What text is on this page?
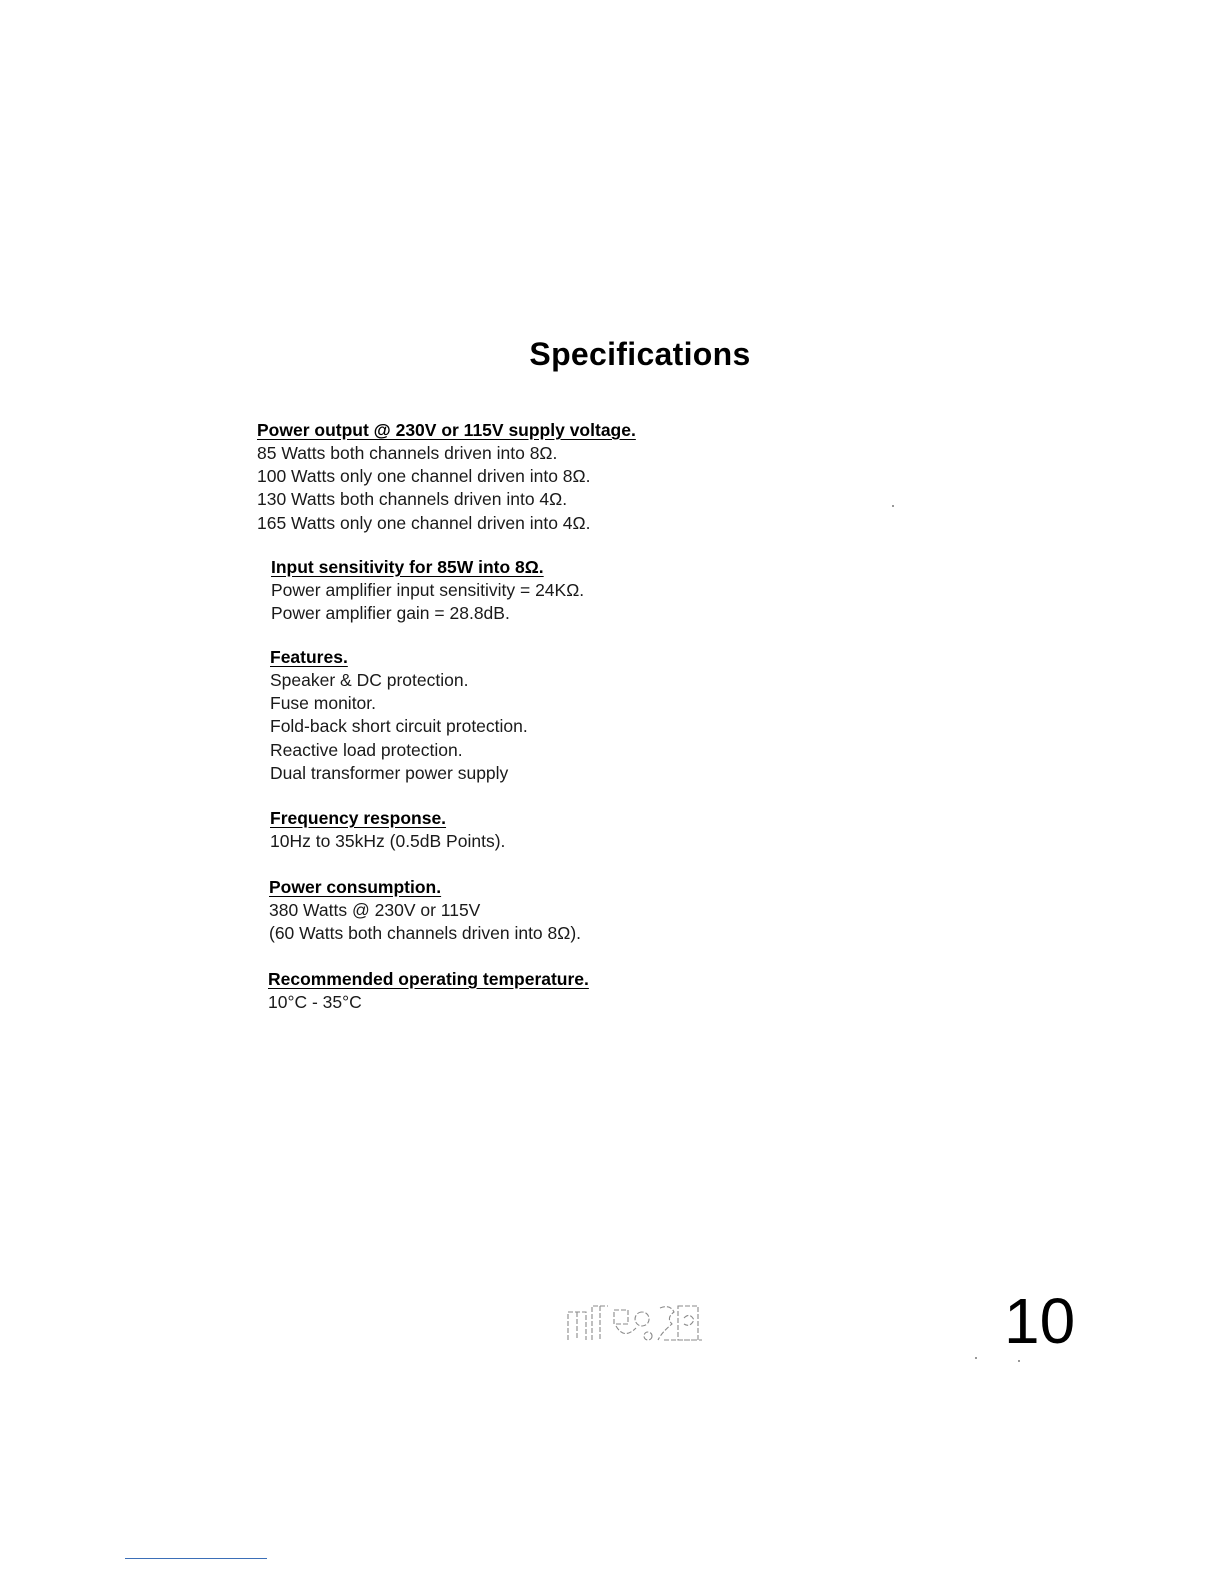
Specifications
Power output @ 230V or 115V supply voltage.
85 Watts both channels driven into 8Ω.
100 Watts only one channel driven into 8Ω.
130 Watts both channels driven into 4Ω.
165 Watts only one channel driven into 4Ω.
Input sensitivity for 85W into 8Ω.
Power amplifier input sensitivity = 24KΩ.
Power amplifier gain = 28.8dB.
Features.
Speaker & DC protection.
Fuse monitor.
Fold-back short circuit protection.
Reactive load protection.
Dual transformer power supply
Frequency response.
10Hz to 35kHz (0.5dB Points).
Power consumption.
380 Watts @ 230V or 115V
(60 Watts both channels driven into 8Ω).
Recommended operating temperature.
10°C - 35°C
10
